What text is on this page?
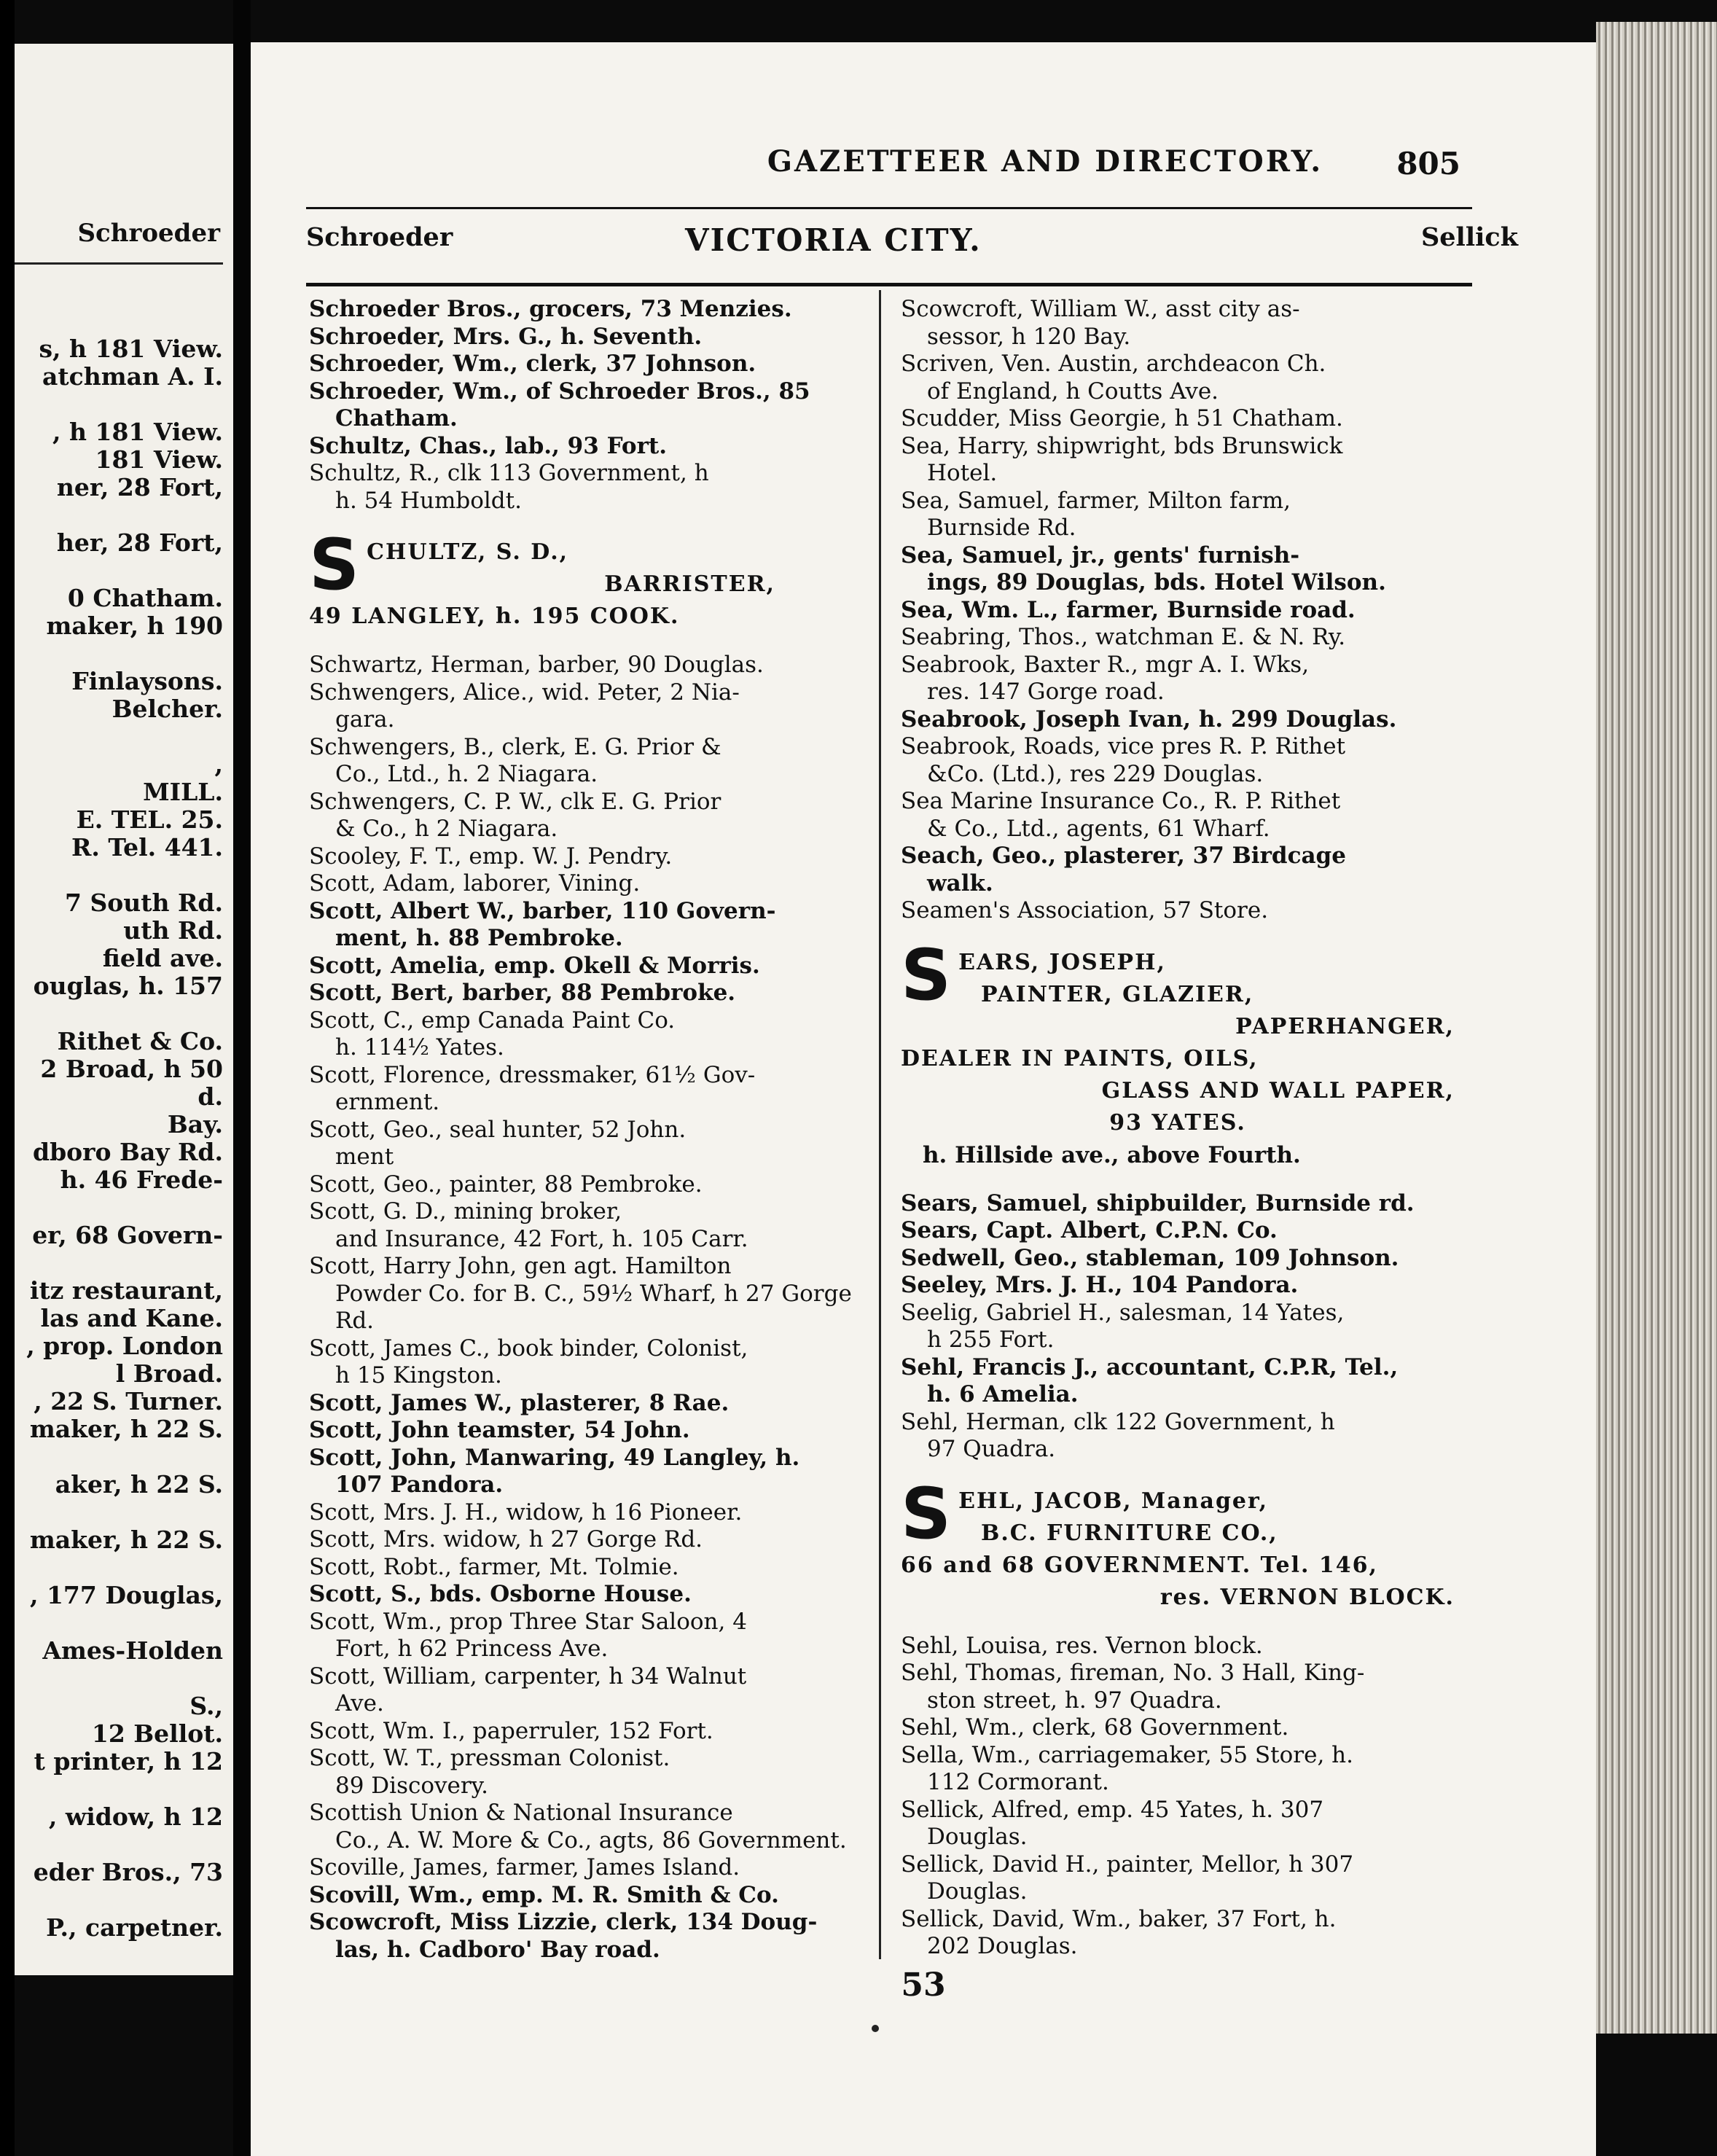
Schroeder
s, h 181 View.
atchman A. I.
, h 181 View.
181 View.
ner, 28 Fort,
her, 28 Fort,
0 Chatham.
maker, h 190
Finlaysons.
Belcher.
,
MILL.
E. TEL. 25.
R. Tel. 441.
7 South Rd.
uth Rd.
field ave.
ouglas, h. 157
Rithet & Co.
2 Broad, h 50
d.
Bay.
dboro Bay Rd.
h. 46 Frede-
er, 68 Govern-
itz restaurant,
las and Kane.
, prop. London
l Broad.
, 22 S. Turner.
maker, h 22 S.
aker, h 22 S.
maker, h 22 S.
, 177 Douglas,
Ames-Holden
S.,
12 Bellot.
t printer, h 12
, widow, h 12
eder Bros., 73
P., carpetner.
GAZETTEER AND DIRECTORY.	805
Schroeder	VICTORIA CITY.	Sellick
Schroeder Bros., grocers, 73 Menzies.
Schroeder, Mrs. G., h. Seventh.
Schroeder, Wm., clerk, 37 Johnson.
Schroeder, Wm., of Schroeder Bros., 85
Chatham.
Schultz, Chas., lab., 93 Fort.
Schultz, R., clk 113 Government, h
h. 54 Humboldt.
S CHULTZ, S. D.,
BARRISTER,
49 LANGLEY, h. 195 COOK.
Schwartz, Herman, barber, 90 Douglas.
Schwengers, Alice., wid. Peter, 2 Nia-
gara.
Schwengers, B., clerk, E. G. Prior &
Co., Ltd., h. 2 Niagara.
Schwengers, C. P. W., clk E. G. Prior
& Co., h 2 Niagara.
Scooley, F. T., emp. W. J. Pendry.
Scott, Adam, laborer, Vining.
Scott, Albert W., barber, 110 Govern-
ment, h. 88 Pembroke.
Scott, Amelia, emp. Okell & Morris.
Scott, Bert, barber, 88 Pembroke.
Scott, C., emp Canada Paint Co.
h. 114½ Yates.
Scott, Florence, dressmaker, 61½ Gov-
ernment.
Scott, Geo., seal hunter, 52 John.
ment
Scott, Geo., painter, 88 Pembroke.
Scott, G. D., mining broker,
and Insurance, 42 Fort, h. 105 Carr.
Scott, Harry John, gen agt. Hamilton
Powder Co. for B. C., 59½ Wharf, h 27 Gorge Rd.
Scott, James C., book binder, Colonist,
h 15 Kingston.
Scott, James W., plasterer, 8 Rae.
Scott, John teamster, 54 John.
Scott, John, Manwaring, 49 Langley, h.
107 Pandora.
Scott, Mrs. J. H., widow, h 16 Pioneer.
Scott, Mrs. widow, h 27 Gorge Rd.
Scott, Robt., farmer, Mt. Tolmie.
Scott, S., bds. Osborne House.
Scott, Wm., prop Three Star Saloon, 4
Fort, h 62 Princess Ave.
Scott, William, carpenter, h 34 Walnut
Ave.
Scott, Wm. I., paperruler, 152 Fort.
Scott, W. T., pressman Colonist.
89 Discovery.
Scottish Union & National Insurance
Co., A. W. More & Co., agts, 86 Government.
Scoville, James, farmer, James Island.
Scovill, Wm., emp. M. R. Smith & Co.
Scowcroft, Miss Lizzie, clerk, 134 Doug-
las, h. Cadboro' Bay road.
Scowcroft, William W., asst city as-
sessor, h 120 Bay.
Scriven, Ven. Austin, archdeacon Ch.
of England, h Coutts Ave.
Scudder, Miss Georgie, h 51 Chatham.
Sea, Harry, shipwright, bds Brunswick
Hotel.
Sea, Samuel, farmer, Milton farm,
Burnside Rd.
Sea, Samuel, jr., gents' furnish-
ings, 89 Douglas, bds. Hotel Wilson.
Sea, Wm. L., farmer, Burnside road.
Seabring, Thos., watchman E. & N. Ry.
Seabrook, Baxter R., mgr A. I. Wks,
res. 147 Gorge road.
Seabrook, Joseph Ivan, h. 299 Douglas.
Seabrook, Roads, vice pres R. P. Rithet
&Co. (Ltd.), res 229 Douglas.
Sea Marine Insurance Co., R. P. Rithet
& Co., Ltd., agents, 61 Wharf.
Seach, Geo., plasterer, 37 Birdcage
walk.
Seamen's Association, 57 Store.
S EARS, JOSEPH,
PAINTER, GLAZIER,
PAPERHANGER,
DEALER IN PAINTS, OILS,
GLASS AND WALL PAPER,
93 YATES.
h. Hillside ave., above Fourth.
Sears, Samuel, shipbuilder, Burnside rd.
Sears, Capt. Albert, C.P.N. Co.
Sedwell, Geo., stableman, 109 Johnson.
Seeley, Mrs. J. H., 104 Pandora.
Seelig, Gabriel H., salesman, 14 Yates,
h 255 Fort.
Sehl, Francis J., accountant, C.P.R, Tel.,
h. 6 Amelia.
Sehl, Herman, clk 122 Government, h
97 Quadra.
S EHL, JACOB, Manager,
B.C. FURNITURE CO.,
66 and 68 GOVERNMENT. Tel. 146,
res. VERNON BLOCK.
Sehl, Louisa, res. Vernon block.
Sehl, Thomas, fireman, No. 3 Hall, King-
ston street, h. 97 Quadra.
Sehl, Wm., clerk, 68 Government.
Sella, Wm., carriagemaker, 55 Store, h.
112 Cormorant.
Sellick, Alfred, emp. 45 Yates, h. 307
Douglas.
Sellick, David H., painter, Mellor, h 307
Douglas.
Sellick, David, Wm., baker, 37 Fort, h.
202 Douglas.
53
